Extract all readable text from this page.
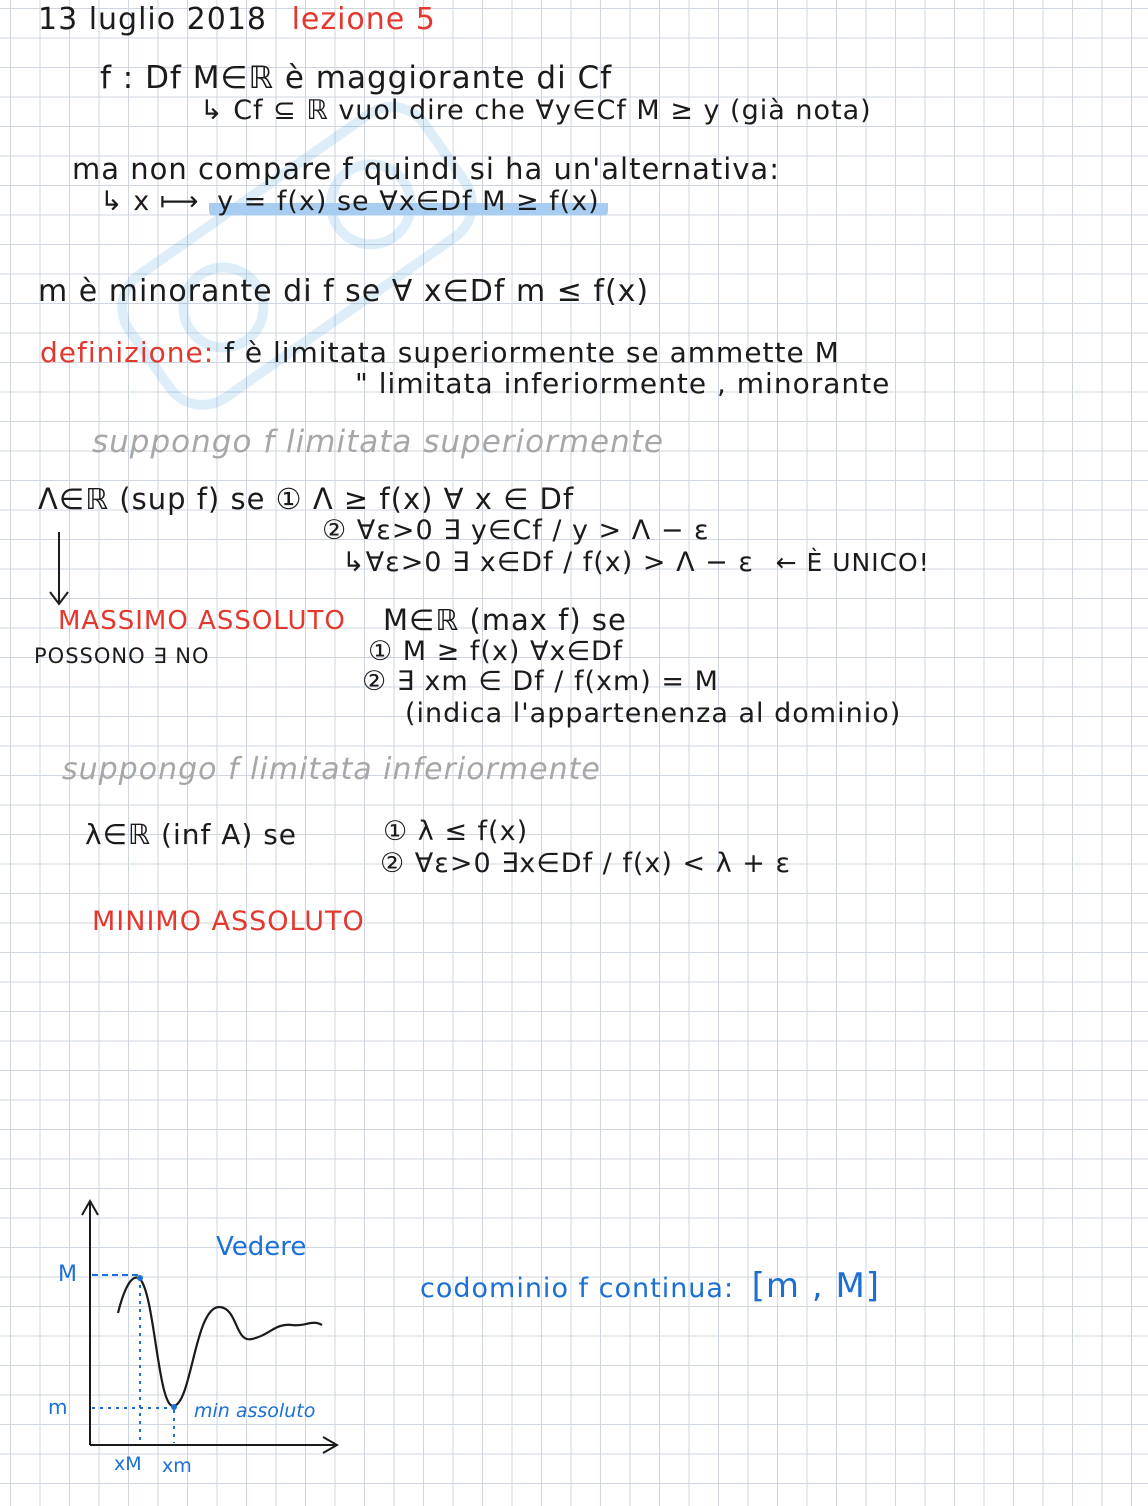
13 luglio 2018 lezione 5
f : Df M∈ℝ è maggiorante di Cf
↳ Cf ⊆ ℝ vuol dire che ∀y∈Cf M ≥ y (già nota)
ma non compare f quindi si ha un'alternativa:
↳ x ⟼ y = f(x) se ∀x∈Df M ≥ f(x)
m è minorante di f se ∀ x∈Df m ≤ f(x)
definizione: f è limitata superiormente se ammette M
" limitata inferiormente , minorante
suppongo f limitata superiormente
Λ∈ℝ (sup f) se ① Λ ≥ f(x) ∀ x ∈ Df
② ∀ε>0 ∃ y∈Cf / y > Λ − ε
↳∀ε>0 ∃ x∈Df / f(x) > Λ − ε ← È UNICO!
MASSIMO ASSOLUTO M∈ℝ (max f) se
POSSONO ∃ NO	① M ≥ f(x) ∀x∈Df
② ∃ xm ∈ Df / f(xm) = M
(indica l'appartenenza al dominio)
suppongo f limitata inferiormente
λ∈ℝ (inf A) se	① λ ≤ f(x)
② ∀ε>0 ∃x∈Df / f(x) < λ + ε
MINIMO ASSOLUTO
M
m
xM xm
min assoluto
Vedere
codominio f continua: [m , M]
